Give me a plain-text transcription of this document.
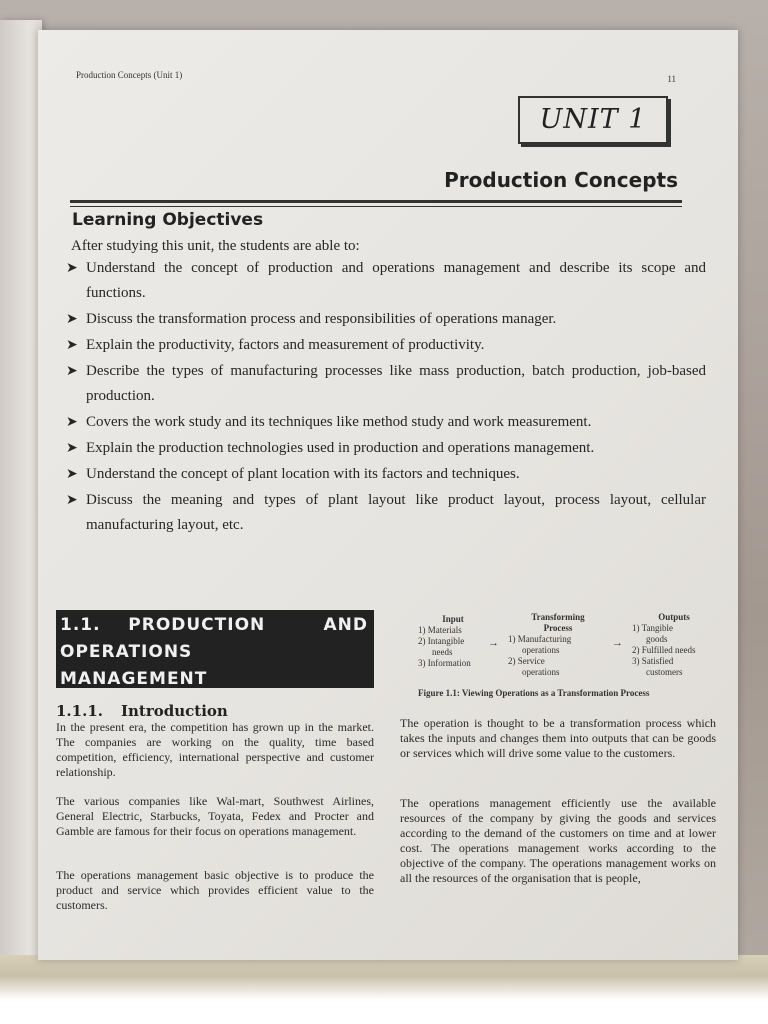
Production Concepts (Unit 1)	11
UNIT 1
Production Concepts
Learning Objectives
After studying this unit, the students are able to:
➤ Understand the concept of production and operations management and describe its scope and functions.
➤ Discuss the transformation process and responsibilities of operations manager.
➤ Explain the productivity, factors and measurement of productivity.
➤ Describe the types of manufacturing processes like mass production, batch production, job-based production.
➤ Covers the work study and its techniques like method study and work measurement.
➤ Explain the production technologies used in production and operations management.
➤ Understand the concept of plant location with its factors and techniques.
➤ Discuss the meaning and types of plant layout like product layout, process layout, cellular manufacturing layout, etc.
1.1. PRODUCTION	AND
OPERATIONS
MANAGEMENT
1.1.1. Introduction
In the present era, the competition has grown up in the market. The companies are working on the quality, time based competition, efficiency, international perspective and customer relationship.
The various companies like Wal-mart, Southwest Airlines, General Electric, Starbucks, Toyata, Fedex and Procter and Gamble are famous for their focus on operations management.
The operations management basic objective is to produce the product and service which provides efficient value to the customers.
Input
1) Materials
2) Intangible
needs
3) Information
→
Transforming
Process
1) Manufacturing
operations
2) Service
operations
→
Outputs
1) Tangible
goods
2) Fulfilled needs
3) Satisfied
customers
Figure 1.1: Viewing Operations as a Transformation Process
The operation is thought to be a transformation process which takes the inputs and changes them into outputs that can be goods or services which will drive some value to the customers.
The operations management efficiently use the available resources of the company by giving the goods and services according to the demand of the customers on time and at lower cost. The operations management works according to the objective of the company. The operations management works on all the resources of the organisation that is people,
